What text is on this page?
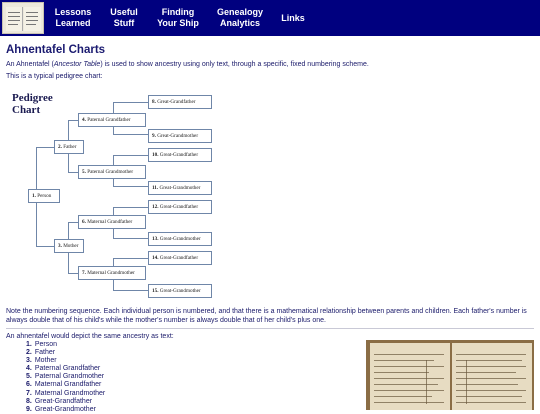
Lessons
Learned
Useful
Stuff
Finding
Your Ship
Genealogy
Analytics
Links
Ahnentafel Charts

An Ahnentafel (Ancestor Table) is used to show ancestry using only text, through a specific, fixed numbering scheme.

This is a typical pedigree chart:

Pedigree
Chart
1. Person
2. Father
3. Mother
4. Paternal Grandfather
5. Paternal Grandmother
6. Maternal Grandfather
7. Maternal Grandmother
8. Great-Grandfather
9. Great-Grandmother
10. Great-Grandfather
11. Great-Grandmother
12. Great-Grandfather
13. Great-Grandmother
14. Great-Grandfather
15. Great-Grandmother

Note the numbering sequence. Each individual person is numbered, and that there is a mathematical relationship between parents and children. Each father's number is always double that of his child's while the mother's number is always double that of her child's plus one.

An ahnentafel would depict the same ancestry as text:

1. Person
2. Father
3. Mother
4. Paternal Grandfather
5. Paternal Grandmother
6. Maternal Grandfather
7. Maternal Grandmother
8. Great-Grandfather
9. Great-Grandmother
